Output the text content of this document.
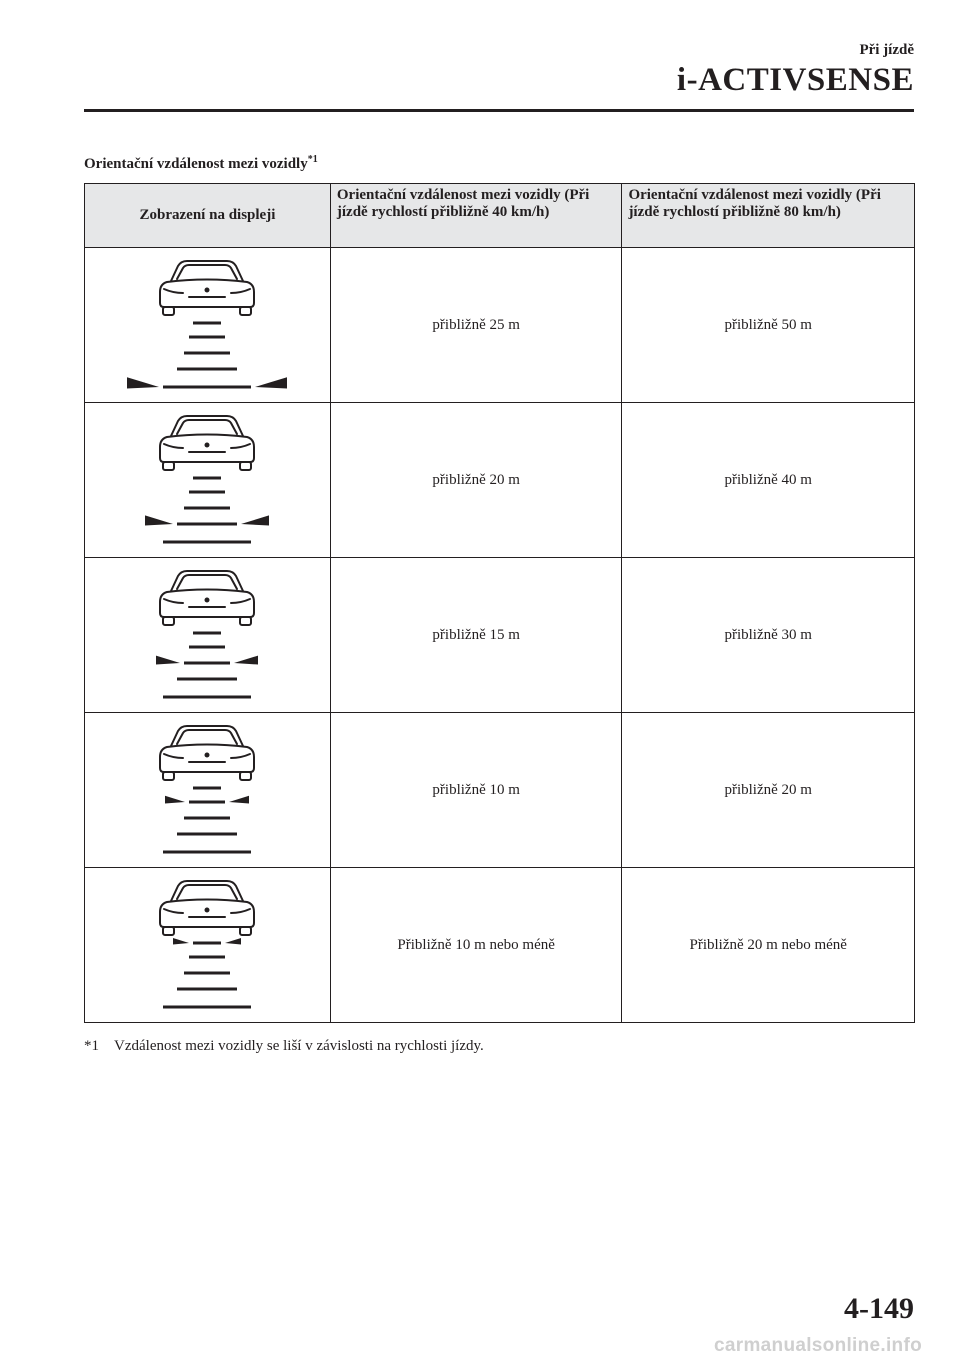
Při jízdě
i-ACTIVSENSE
Orientační vzdálenost mezi vozidly$^{*1}$
Zobrazení na displeji	Orientační vzdálenost mezi vozidly (Při jízdě rychlostí přibližně 40 km/h)	Orientační vzdálenost mezi vozidly (Při jízdě rychlostí přibližně 80 km/h)

	přibližně 25 m	přibližně 50 m

	přibližně 20 m	přibližně 40 m

	přibližně 15 m	přibližně 30 m

	přibližně 10 m	přibližně 20 m

	Přibližně 10 m nebo méně	Přibližně 20 m nebo méně
*1 Vzdálenost mezi vozidly se liší v závislosti na rychlosti jízdy.
4-149
carmanualsonline.info
